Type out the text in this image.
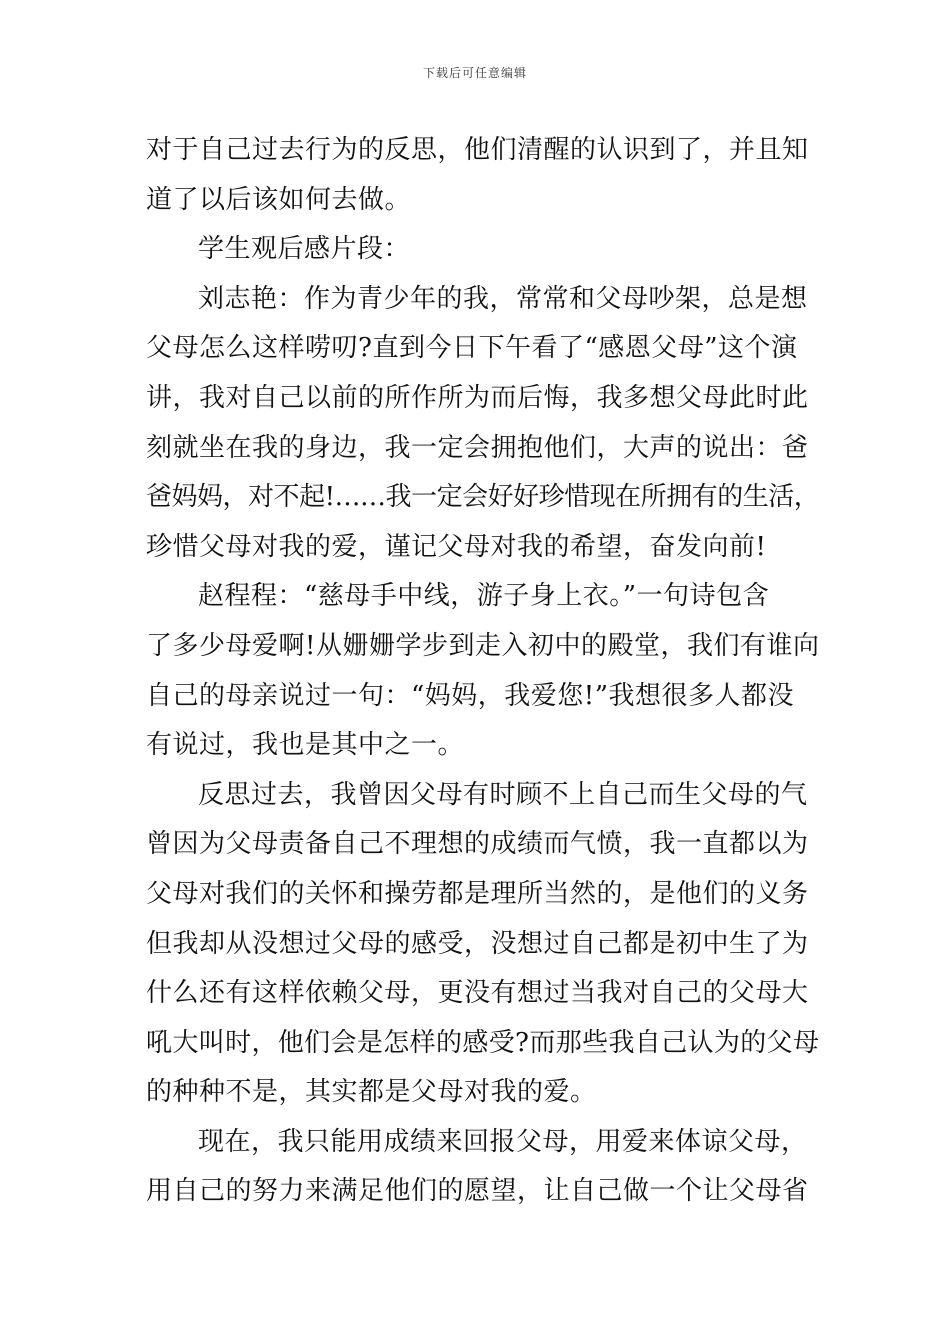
下载后可任意编辑
对于自己过去行为的反思，他们清醒的认识到了，并且知
道了以后该如何去做。
学生观后感片段：
刘志艳：作为青少年的我，常常和父母吵架，总是想
父母怎么这样唠叨?直到今日下午看了“感恩父母”这个演
讲，我对自己以前的所作所为而后悔，我多想父母此时此
刻就坐在我的身边，我一定会拥抱他们，大声的说出：爸
爸妈妈，对不起!……我一定会好好珍惜现在所拥有的生活，
珍惜父母对我的爱，谨记父母对我的希望，奋发向前!
赵程程：“慈母手中线，游子身上衣。”一句诗包含
了多少母爱啊!从姗姗学步到走入初中的殿堂，我们有谁向
自己的母亲说过一句：“妈妈，我爱您!”我想很多人都没
有说过，我也是其中之一。
反思过去，我曾因父母有时顾不上自己而生父母的气
曾因为父母责备自己不理想的成绩而气愤，我一直都以为
父母对我们的关怀和操劳都是理所当然的，是他们的义务
但我却从没想过父母的感受，没想过自己都是初中生了为
什么还有这样依赖父母，更没有想过当我对自己的父母大
吼大叫时，他们会是怎样的感受?而那些我自己认为的父母
的种种不是，其实都是父母对我的爱。
现在，我只能用成绩来回报父母，用爱来体谅父母，
用自己的努力来满足他们的愿望，让自己做一个让父母省
